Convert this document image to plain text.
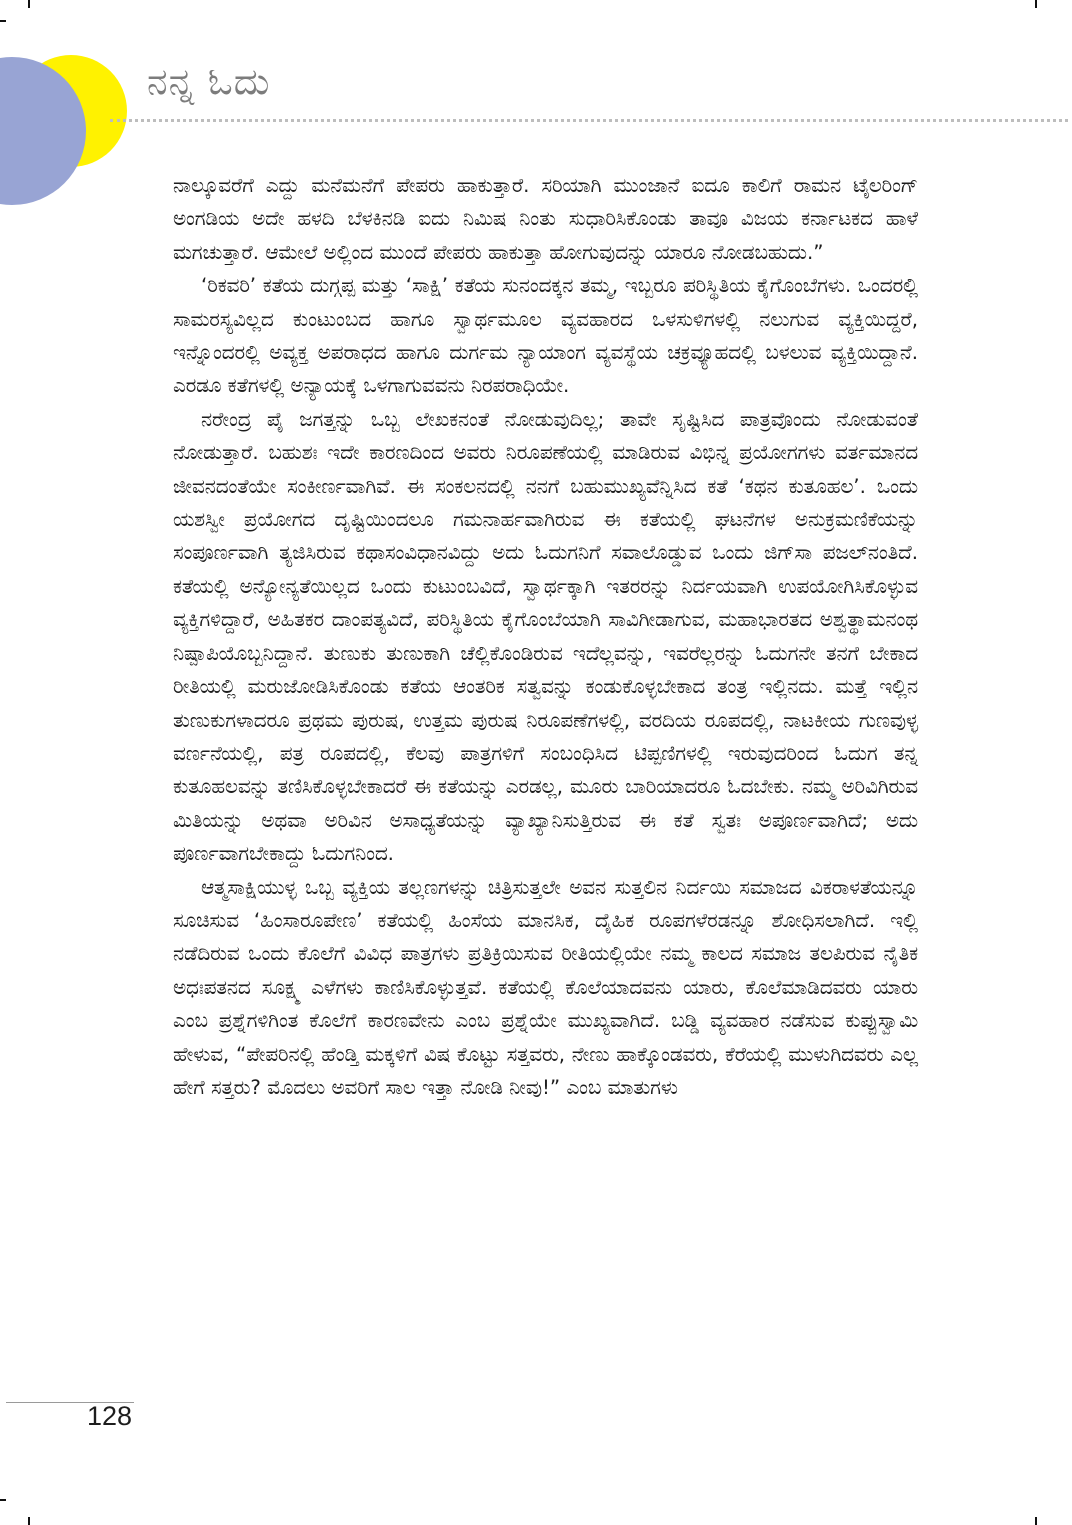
ನನ್ನ ಓದು

ನಾಲ್ಕೂವರೆಗೆ ಎದ್ದು ಮನೆಮನೆಗೆ ಪೇಪರು ಹಾಕುತ್ತಾರೆ. ಸರಿಯಾಗಿ ಮುಂಜಾನೆ ಐದೂ ಕಾಲಿಗೆ ರಾಮನ ಟೈಲರಿಂಗ್ ಅಂಗಡಿಯ ಅದೇ ಹಳದಿ ಬೆಳಕಿನಡಿ ಐದು ನಿಮಿಷ ನಿಂತು ಸುಧಾರಿಸಿಕೊಂಡು ತಾವೂ ವಿಜಯ ಕರ್ನಾಟಕದ ಹಾಳೆ ಮಗಚುತ್ತಾರೆ. ಆಮೇಲೆ ಅಲ್ಲಿಂದ ಮುಂದೆ ಪೇಪರು ಹಾಕುತ್ತಾ ಹೋಗುವುದನ್ನು ಯಾರೂ ನೋಡಬಹುದು.”

‘ರಿಕವರಿ’ ಕತೆಯ ದುಗ್ಗಪ್ಪ ಮತ್ತು ‘ಸಾಕ್ಷಿ’ ಕತೆಯ ಸುನಂದಕ್ಕನ ತಮ್ಮ, ಇಬ್ಬರೂ ಪರಿಸ್ಥಿತಿಯ ಕೈಗೊಂಬೆಗಳು. ಒಂದರಲ್ಲಿ ಸಾಮರಸ್ಯವಿಲ್ಲದ ಕುಂಟುಂಬದ ಹಾಗೂ ಸ್ವಾರ್ಥಮೂಲ ವ್ಯವಹಾರದ ಒಳಸುಳಿಗಳಲ್ಲಿ ನಲುಗುವ ವ್ಯಕ್ತಿಯಿದ್ದರೆ, ಇನ್ನೊಂದರಲ್ಲಿ ಅವ್ಯಕ್ತ ಅಪರಾಧದ ಹಾಗೂ ದುರ್ಗಮ ನ್ಯಾಯಾಂಗ ವ್ಯವಸ್ಥೆಯ ಚಕ್ರವ್ಯೂಹದಲ್ಲಿ ಬಳಲುವ ವ್ಯಕ್ತಿಯಿದ್ದಾನೆ. ಎರಡೂ ಕತೆಗಳಲ್ಲಿ ಅನ್ಯಾಯಕ್ಕೆ ಒಳಗಾಗುವವನು ನಿರಪರಾಧಿಯೇ.

ನರೇಂದ್ರ ಪೈ ಜಗತ್ತನ್ನು ಒಬ್ಬ ಲೇಖಕನಂತೆ ನೋಡುವುದಿಲ್ಲ; ತಾವೇ ಸೃಷ್ಟಿಸಿದ ಪಾತ್ರವೊಂದು ನೋಡುವಂತೆ ನೋಡುತ್ತಾರೆ. ಬಹುಶಃ ಇದೇ ಕಾರಣದಿಂದ ಅವರು ನಿರೂಪಣೆಯಲ್ಲಿ ಮಾಡಿರುವ ವಿಭಿನ್ನ ಪ್ರಯೋಗಗಳು ವರ್ತಮಾನದ ಜೀವನದಂತೆಯೇ ಸಂಕೀರ್ಣವಾಗಿವೆ. ಈ ಸಂಕಲನದಲ್ಲಿ ನನಗೆ ಬಹುಮುಖ್ಯವೆನ್ನಿಸಿದ ಕತೆ ‘ಕಥನ ಕುತೂಹಲ’. ಒಂದು ಯಶಸ್ವೀ ಪ್ರಯೋಗದ ದೃಷ್ಟಿಯಿಂದಲೂ ಗಮನಾರ್ಹವಾಗಿರುವ ಈ ಕತೆಯಲ್ಲಿ ಘಟನೆಗಳ ಅನುಕ್ರಮಣಿಕೆಯನ್ನು ಸಂಪೂರ್ಣವಾಗಿ ತ್ಯಜಿಸಿರುವ ಕಥಾಸಂವಿಧಾನವಿದ್ದು ಅದು ಓದುಗನಿಗೆ ಸವಾಲೊಡ್ಡುವ ಒಂದು ಜಿಗ್‌ಸಾ ಪಜಲ್‌ನಂತಿದೆ. ಕತೆಯಲ್ಲಿ ಅನ್ಯೋನ್ಯತೆಯಿಲ್ಲದ ಒಂದು ಕುಟುಂಬವಿದೆ, ಸ್ವಾರ್ಥಕ್ಕಾಗಿ ಇತರರನ್ನು ನಿರ್ದಯವಾಗಿ ಉಪಯೋಗಿಸಿಕೊಳ್ಳುವ ವ್ಯಕ್ತಿಗಳಿದ್ದಾರೆ, ಅಹಿತಕರ ದಾಂಪತ್ಯವಿದೆ, ಪರಿಸ್ಥಿತಿಯ ಕೈಗೊಂಬೆಯಾಗಿ ಸಾವಿಗೀಡಾಗುವ, ಮಹಾಭಾರತದ ಅಶ್ವತ್ಥಾಮನಂಥ ನಿಷ್ಪಾಪಿಯೊಬ್ಬನಿದ್ದಾನೆ. ತುಣುಕು ತುಣುಕಾಗಿ ಚೆಲ್ಲಿಕೊಂಡಿರುವ ಇದೆಲ್ಲವನ್ನು, ಇವರೆಲ್ಲರನ್ನು ಓದುಗನೇ ತನಗೆ ಬೇಕಾದ ರೀತಿಯಲ್ಲಿ ಮರುಜೋಡಿಸಿಕೊಂಡು ಕತೆಯ ಆಂತರಿಕ ಸತ್ವವನ್ನು ಕಂಡುಕೊಳ್ಳಬೇಕಾದ ತಂತ್ರ ಇಲ್ಲಿನದು. ಮತ್ತೆ ಇಲ್ಲಿನ ತುಣುಕುಗಳಾದರೂ ಪ್ರಥಮ ಪುರುಷ, ಉತ್ತಮ ಪುರುಷ ನಿರೂಪಣೆಗಳಲ್ಲಿ, ವರದಿಯ ರೂಪದಲ್ಲಿ, ನಾಟಕೀಯ ಗುಣವುಳ್ಳ ವರ್ಣನೆಯಲ್ಲಿ, ಪತ್ರ ರೂಪದಲ್ಲಿ, ಕೆಲವು ಪಾತ್ರಗಳಿಗೆ ಸಂಬಂಧಿಸಿದ ಟಿಪ್ಪಣಿಗಳಲ್ಲಿ ಇರುವುದರಿಂದ ಓದುಗ ತನ್ನ ಕುತೂಹಲವನ್ನು ತಣಿಸಿಕೊಳ್ಳಬೇಕಾದರೆ ಈ ಕತೆಯನ್ನು ಎರಡಲ್ಲ, ಮೂರು ಬಾರಿಯಾದರೂ ಓದಬೇಕು. ನಮ್ಮ ಅರಿವಿಗಿರುವ ಮಿತಿಯನ್ನು ಅಥವಾ ಅರಿವಿನ ಅಸಾಧ್ಯತೆಯನ್ನು ವ್ಯಾಖ್ಯಾನಿಸುತ್ತಿರುವ ಈ ಕತೆ ಸ್ವತಃ ಅಪೂರ್ಣವಾಗಿದೆ; ಅದು ಪೂರ್ಣವಾಗಬೇಕಾದ್ದು ಓದುಗನಿಂದ.

ಆತ್ಮಸಾಕ್ಷಿಯುಳ್ಳ ಒಬ್ಬ ವ್ಯಕ್ತಿಯ ತಲ್ಲಣಗಳನ್ನು ಚಿತ್ರಿಸುತ್ತಲೇ ಅವನ ಸುತ್ತಲಿನ ನಿರ್ದಯಿ ಸಮಾಜದ ವಿಕರಾಳತೆಯನ್ನೂ ಸೂಚಿಸುವ ‘ಹಿಂಸಾರೂಪೇಣ’ ಕತೆಯಲ್ಲಿ ಹಿಂಸೆಯ ಮಾನಸಿಕ, ದೈಹಿಕ ರೂಪಗಳೆರಡನ್ನೂ ಶೋಧಿಸಲಾಗಿದೆ. ಇಲ್ಲಿ ನಡೆದಿರುವ ಒಂದು ಕೊಲೆಗೆ ವಿವಿಧ ಪಾತ್ರಗಳು ಪ್ರತಿಕ್ರಿಯಿಸುವ ರೀತಿಯಲ್ಲಿಯೇ ನಮ್ಮ ಕಾಲದ ಸಮಾಜ ತಲಪಿರುವ ನೈತಿಕ ಅಧಃಪತನದ ಸೂಕ್ಷ್ಮ ಎಳೆಗಳು ಕಾಣಿಸಿಕೊಳ್ಳುತ್ತವೆ. ಕತೆಯಲ್ಲಿ ಕೊಲೆಯಾದವನು ಯಾರು, ಕೊಲೆಮಾಡಿದವರು ಯಾರು ಎಂಬ ಪ್ರಶ್ನೆಗಳಿಗಿಂತ ಕೊಲೆಗೆ ಕಾರಣವೇನು ಎಂಬ ಪ್ರಶ್ನೆಯೇ ಮುಖ್ಯವಾಗಿದೆ. ಬಡ್ಡಿ ವ್ಯವಹಾರ ನಡೆಸುವ ಕುಪ್ಪುಸ್ವಾಮಿ ಹೇಳುವ, “ಪೇಪರಿನಲ್ಲಿ ಹೆಂಡ್ತಿ ಮಕ್ಕಳಿಗೆ ವಿಷ ಕೊಟ್ಟು ಸತ್ತವರು, ನೇಣು ಹಾಕ್ಕೊಂಡವರು, ಕೆರೆಯಲ್ಲಿ ಮುಳುಗಿದವರು ಎಲ್ಲ ಹೇಗೆ ಸತ್ತರು? ಮೊದಲು ಅವರಿಗೆ ಸಾಲ ಇತ್ತಾ ನೋಡಿ ನೀವು!” ಎಂಬ ಮಾತುಗಳು

128
